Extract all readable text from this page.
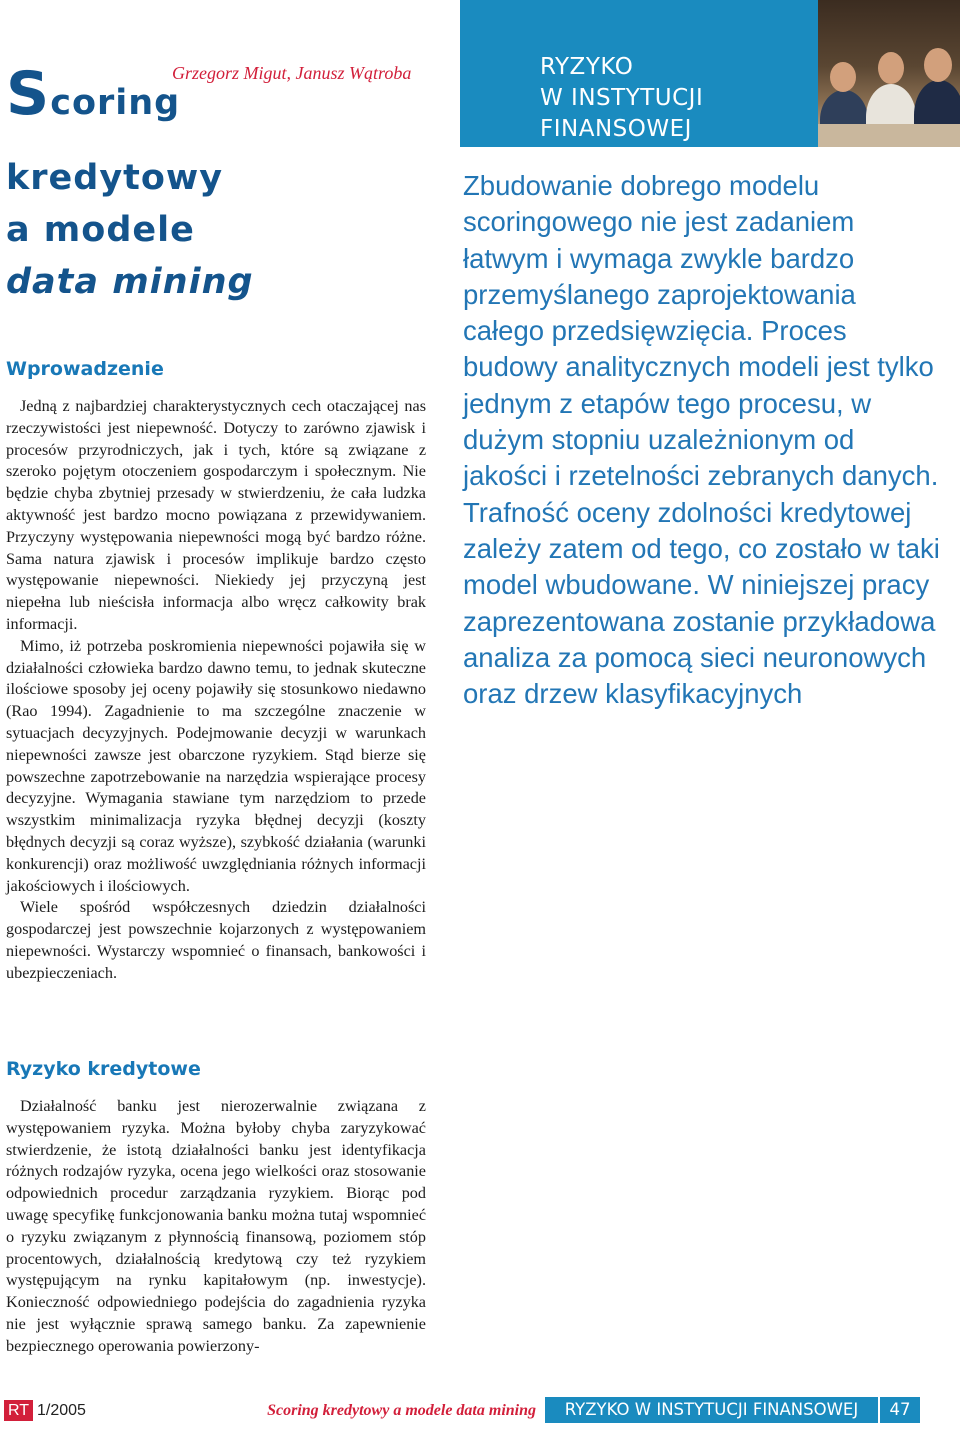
Grzegorz Migut, Janusz Wątroba
Scoring
kredytowy
a modele
data mining
Wprowadzenie

Jedną z najbardziej charakterystycznych cech otaczającej nas rzeczywistości jest niepewność. Dotyczy to zarówno zjawisk i procesów przyrodniczych, jak i tych, które są związane z szeroko pojętym otoczeniem gospodarczym i społecznym. Nie będzie chyba zbytniej przesady w stwierdzeniu, że cała ludzka aktywność jest bardzo mocno powiązana z przewidywaniem. Przyczyny występowania niepewności mogą być bardzo różne. Sama natura zjawisk i procesów implikuje bardzo często występowanie niepewności. Niekiedy jej przyczyną jest niepełna lub nieścisła informacja albo wręcz całkowity brak informacji.

Mimo, iż potrzeba poskromienia niepewności pojawiła się w działalności człowieka bardzo dawno temu, to jednak skuteczne ilościowe sposoby jej oceny pojawiły się stosunkowo niedawno (Rao 1994). Zagadnienie to ma szczególne znaczenie w sytuacjach decyzyjnych. Podejmowanie decyzji w warunkach niepewności zawsze jest obarczone ryzykiem. Stąd bierze się powszechne zapotrzebowanie na narzędzia wspierające procesy decyzyjne. Wymagania stawiane tym narzędziom to przede wszystkim minimalizacja ryzyka błędnej decyzji (koszty błędnych decyzji są coraz wyższe), szybkość działania (warunki konkurencji) oraz możliwość uwzględniania różnych informacji jakościowych i ilościowych.

Wiele spośród współczesnych dziedzin działalności gospodarczej jest powszechnie kojarzonych z występowaniem niepewności. Wystarczy wspomnieć o finansach, bankowości i ubezpieczeniach.

Ryzyko kredytowe

Działalność banku jest nierozerwalnie związana z występowaniem ryzyka. Można byłoby chyba zaryzykować stwierdzenie, że istotą działalności banku jest identyfikacja różnych rodzajów ryzyka, ocena jego wielkości oraz stosowanie odpowiednich procedur zarządzania ryzykiem. Biorąc pod uwagę specyfikę funkcjonowania banku można tutaj wspomnieć o ryzyku związanym z płynnością finansową, poziomem stóp procentowych, działalnością kredytową czy też ryzykiem występującym na rynku kapitałowym (np. inwestycje). Konieczność odpowiedniego podejścia do zagadnienia ryzyka nie jest wyłącznie sprawą samego banku. Za zapewnienie bezpiecznego operowania powierzony-

RYZYKO
W INSTYTUCJI
FINANSOWEJ
Zbudowanie dobrego modelu scoringowego nie jest zadaniem łatwym i wymaga zwykle bardzo przemyślanego zaprojektowania całego przedsięwzięcia. Proces budowy analitycznych modeli jest tylko jednym z etapów tego procesu, w dużym stopniu uzależnionym od jakości i rzetelności zebranych danych. Trafność oceny zdolności kredytowej zależy zatem od tego, co zostało w taki model wbudowane. W niniejszej pracy zaprezentowana zostanie przykładowa analiza za pomocą sieci neuronowych oraz drzew klasyfikacyjnych
RT 1/2005	Scoring kredytowy a modele data mining	RYZYKO W INSTYTUCJI FINANSOWEJ	47
